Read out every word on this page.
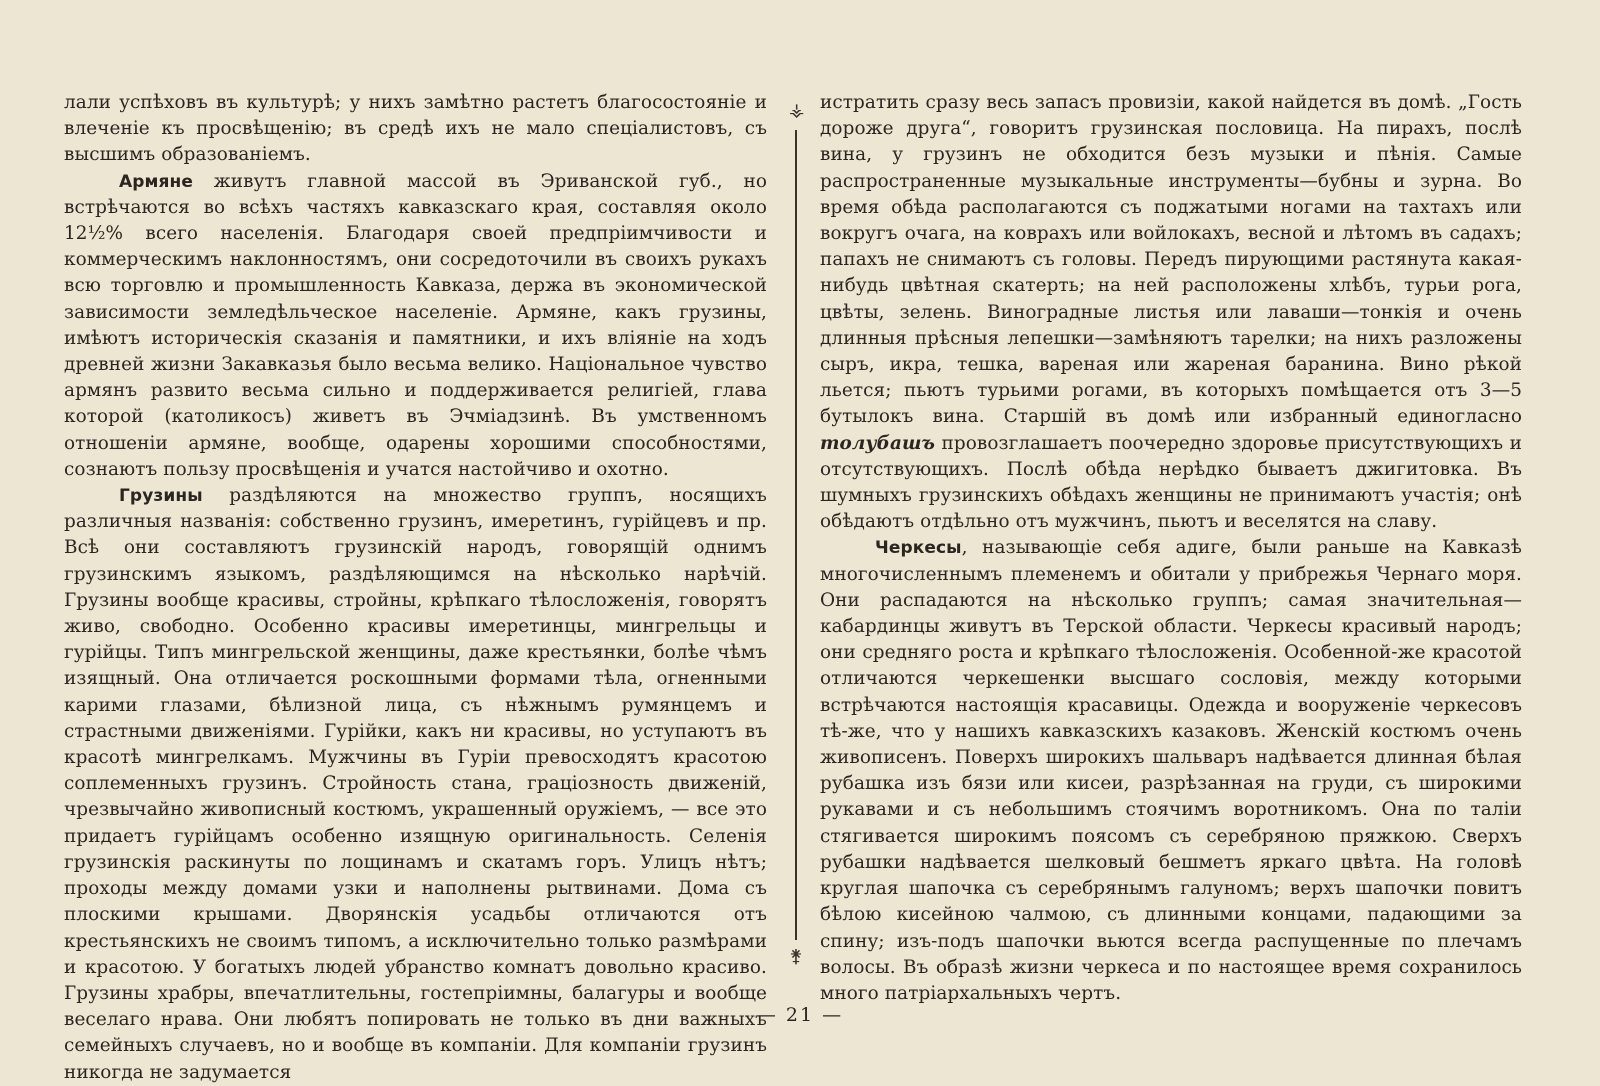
лали успѣховъ въ культурѣ; у нихъ замѣтно растетъ благосостояніе и влеченіе къ просвѣщенію; въ средѣ ихъ не мало спеціалистовъ, съ высшимъ образованіемъ.

Армяне живутъ главной массой въ Эриванской губ., но встрѣчаются во всѣхъ частяхъ кавказскаго края, составляя около 12½% всего населенія. Благодаря своей предпріимчивости и коммерческимъ наклонностямъ, они сосредоточили въ своихъ рукахъ всю торговлю и промышленность Кавказа, держа въ экономической зависимости земледѣльческое населеніе. Армяне, какъ грузины, имѣютъ историческія сказанія и памятники, и ихъ вліяніе на ходъ древней жизни Закавказья было весьма велико. Національное чувство армянъ развито весьма сильно и поддерживается религіей, глава которой (католикосъ) живетъ въ Эчміадзинѣ. Въ умственномъ отношеніи армяне, вообще, одарены хорошими способностями, сознаютъ пользу просвѣщенія и учатся настойчиво и охотно.

Грузины раздѣляются на множество группъ, носящихъ различныя названія: собственно грузинъ, имеретинъ, гурійцевъ и пр. Всѣ они составляютъ грузинскій народъ, говорящій однимъ грузинскимъ языкомъ, раздѣляющимся на нѣсколько нарѣчій. Грузины вообще красивы, стройны, крѣпкаго тѣлосложенія, говорятъ живо, свободно. Особенно красивы имеретинцы, мингрельцы и гурійцы. Типъ мингрельской женщины, даже крестьянки, болѣе чѣмъ изящный. Она отличается роскошными формами тѣла, огненными карими глазами, бѣлизной лица, съ нѣжнымъ румянцемъ и страстными движеніями. Гурійки, какъ ни красивы, но уступаютъ въ красотѣ мингрелкамъ. Мужчины въ Гуріи превосходятъ красотою соплеменныхъ грузинъ. Стройность стана, граціозность движеній, чрезвычайно живописный костюмъ, украшенный оружіемъ, — все это придаетъ гурійцамъ особенно изящную оригинальность. Селенія грузинскія раскинуты по лощинамъ и скатамъ горъ. Улицъ нѣтъ; проходы между домами узки и наполнены рытвинами. Дома съ плоскими крышами. Дворянскія усадьбы отличаются отъ крестьянскихъ не своимъ типомъ, а исключительно только размѣрами и красотою. У богатыхъ людей убранство комнатъ довольно красиво. Грузины храбры, впечатлительны, гостепріимны, балагуры и вообще веселаго нрава. Они любятъ попировать не только въ дни важныхъ семейныхъ случаевъ, но и вообще въ компаніи. Для компаніи грузинъ никогда не задумается

⚶
⚵

истратить сразу весь запасъ провизіи, какой найдется въ домѣ. „Гость дороже друга“, говоритъ грузинская пословица. На пирахъ, послѣ вина, у грузинъ не обходится безъ музыки и пѣнія. Самые распространенные музыкальные инструменты—бубны и зурна. Во время обѣда располагаются съ поджатыми ногами на тахтахъ или вокругъ очага, на коврахъ или войлокахъ, весной и лѣтомъ въ садахъ; папахъ не снимаютъ съ головы. Передъ пирующими растянута какая-нибудь цвѣтная скатерть; на ней расположены хлѣбъ, турьи рога, цвѣты, зелень. Виноградные листья или лаваши—тонкія и очень длинныя прѣсныя лепешки—замѣняютъ тарелки; на нихъ разложены сыръ, икра, тешка, вареная или жареная баранина. Вино рѣкой льется; пьютъ турьими рогами, въ которыхъ помѣщается отъ 3—5 бутылокъ вина. Старшій въ домѣ или избранный единогласно толубашъ провозглашаетъ поочередно здоровье присутствующихъ и отсутствующихъ. Послѣ обѣда нерѣдко бываетъ джигитовка. Въ шумныхъ грузинскихъ обѣдахъ женщины не принимаютъ участія; онѣ обѣдаютъ отдѣльно отъ мужчинъ, пьютъ и веселятся на славу.

Черкесы, называющіе себя адиге, были раньше на Кавказѣ многочисленнымъ племенемъ и обитали у прибрежья Чернаго моря. Они распадаются на нѣсколько группъ; самая значительная—кабардинцы живутъ въ Терской области. Черкесы красивый народъ; они средняго роста и крѣпкаго тѣлосложенія. Особенной-же красотой отличаются черкешенки высшаго сословія, между которыми встрѣчаются настоящія красавицы. Одежда и вооруженіе черкесовъ тѣ-же, что у нашихъ кавказскихъ казаковъ. Женскій костюмъ очень живописенъ. Поверхъ широкихъ шальваръ надѣвается длинная бѣлая рубашка изъ бязи или кисеи, разрѣзанная на груди, съ широкими рукавами и съ небольшимъ стоячимъ воротникомъ. Она по таліи стягивается широкимъ поясомъ съ серебряною пряжкою. Сверхъ рубашки надѣвается шелковый бешметъ яркаго цвѣта. На головѣ круглая шапочка съ серебрянымъ галуномъ; верхъ шапочки повитъ бѣлою кисейною чалмою, съ длинными концами, падающими за спину; изъ-подъ шапочки вьются всегда распущенные по плечамъ волосы. Въ образѣ жизни черкеса и по настоящее время сохранилось много патріархальныхъ чертъ.

— 21 —
